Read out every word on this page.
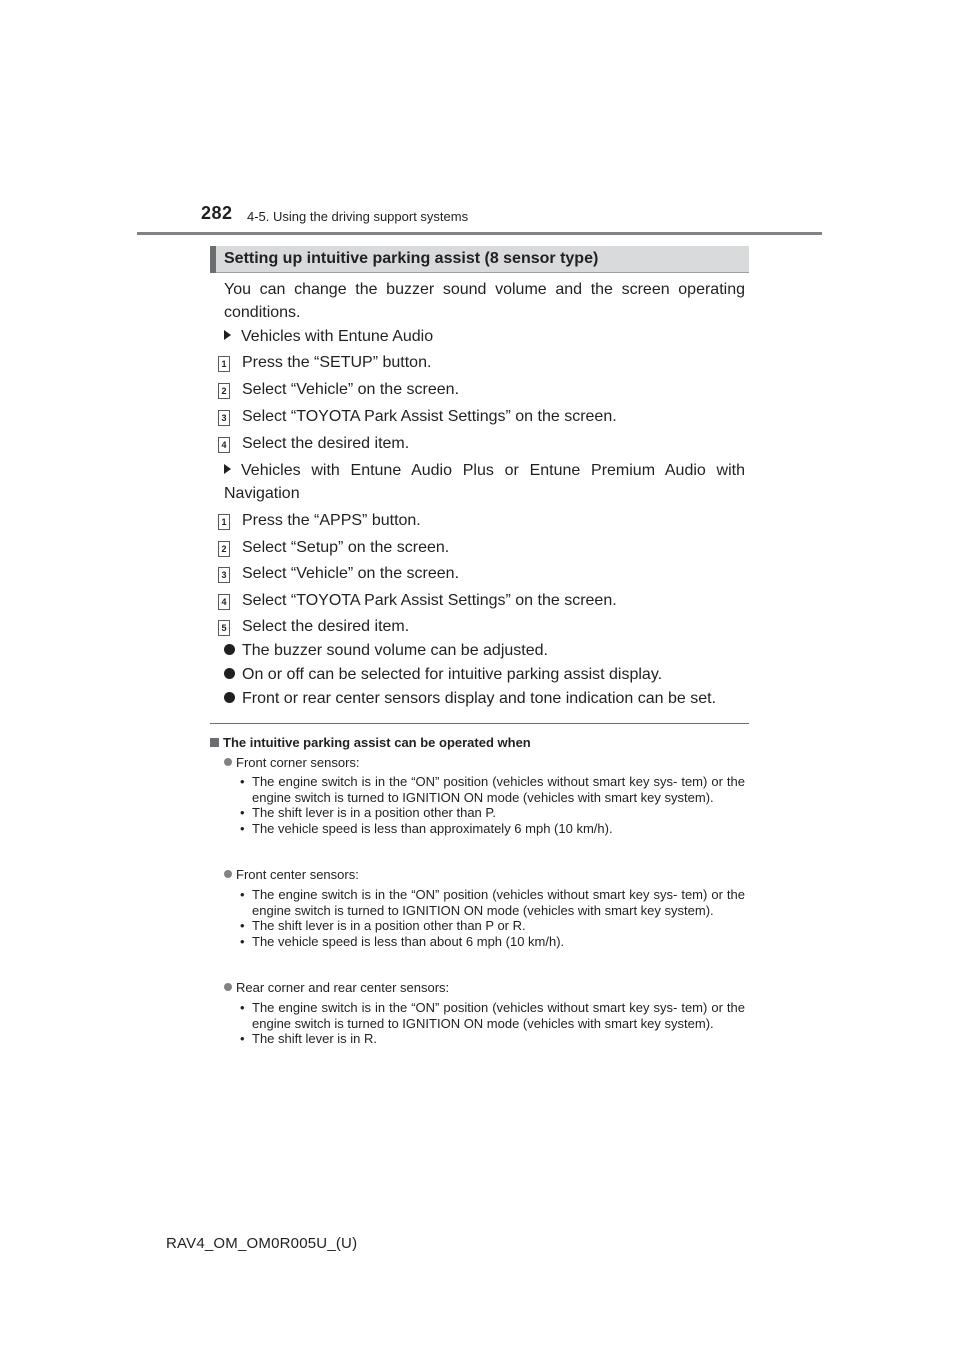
282 4-5. Using the driving support systems
Setting up intuitive parking assist (8 sensor type)
You can change the buzzer sound volume and the screen operating conditions.
Vehicles with Entune Audio
1 Press the “SETUP” button.
2 Select “Vehicle” on the screen.
3 Select “TOYOTA Park Assist Settings” on the screen.
4 Select the desired item.
Vehicles with Entune Audio Plus or Entune Premium Audio with Navigation
1 Press the “APPS” button.
2 Select “Setup” on the screen.
3 Select “Vehicle” on the screen.
4 Select “TOYOTA Park Assist Settings” on the screen.
5 Select the desired item.
The buzzer sound volume can be adjusted.
On or off can be selected for intuitive parking assist display.
Front or rear center sensors display and tone indication can be set.
The intuitive parking assist can be operated when
Front corner sensors:
• The engine switch is in the “ON” position (vehicles without smart key sys- tem) or the engine switch is turned to IGNITION ON mode (vehicles with smart key system).
• The shift lever is in a position other than P.
• The vehicle speed is less than approximately 6 mph (10 km/h).
Front center sensors:
• The engine switch is in the “ON” position (vehicles without smart key sys- tem) or the engine switch is turned to IGNITION ON mode (vehicles with smart key system).
• The shift lever is in a position other than P or R.
• The vehicle speed is less than about 6 mph (10 km/h).
Rear corner and rear center sensors:
• The engine switch is in the “ON” position (vehicles without smart key sys- tem) or the engine switch is turned to IGNITION ON mode (vehicles with smart key system).
• The shift lever is in R.
RAV4_OM_OM0R005U_(U)
